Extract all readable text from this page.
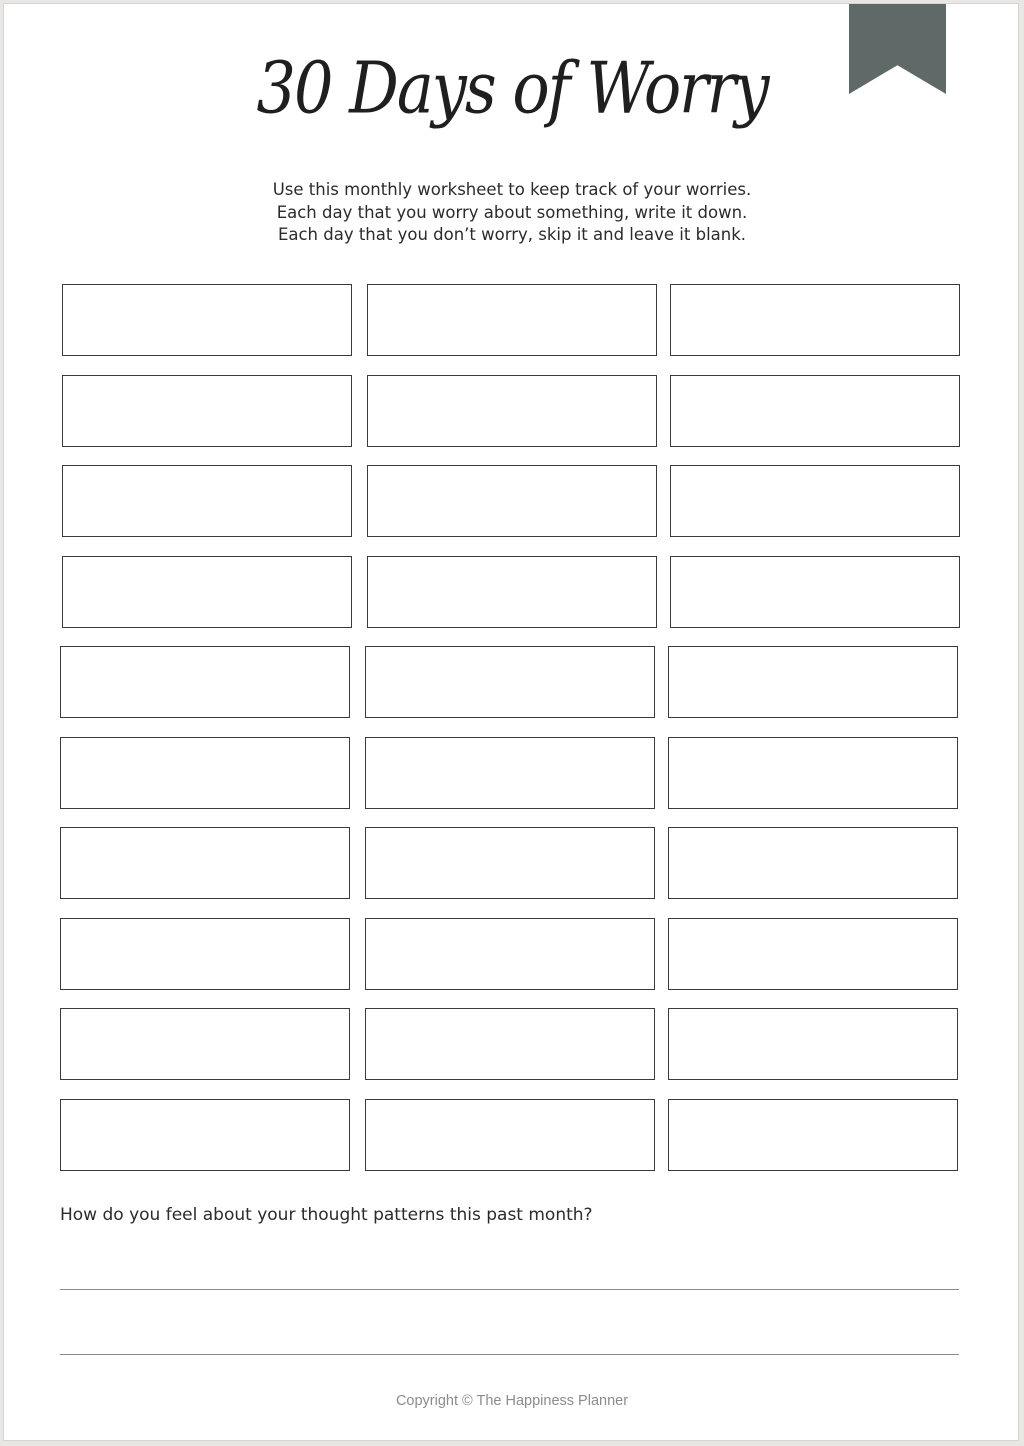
30 Days of Worry
Use this monthly worksheet to keep track of your worries.
Each day that you worry about something, write it down.
Each day that you don’t worry, skip it and leave it blank.
How do you feel about your thought patterns this past month?
Copyright © The Happiness Planner
